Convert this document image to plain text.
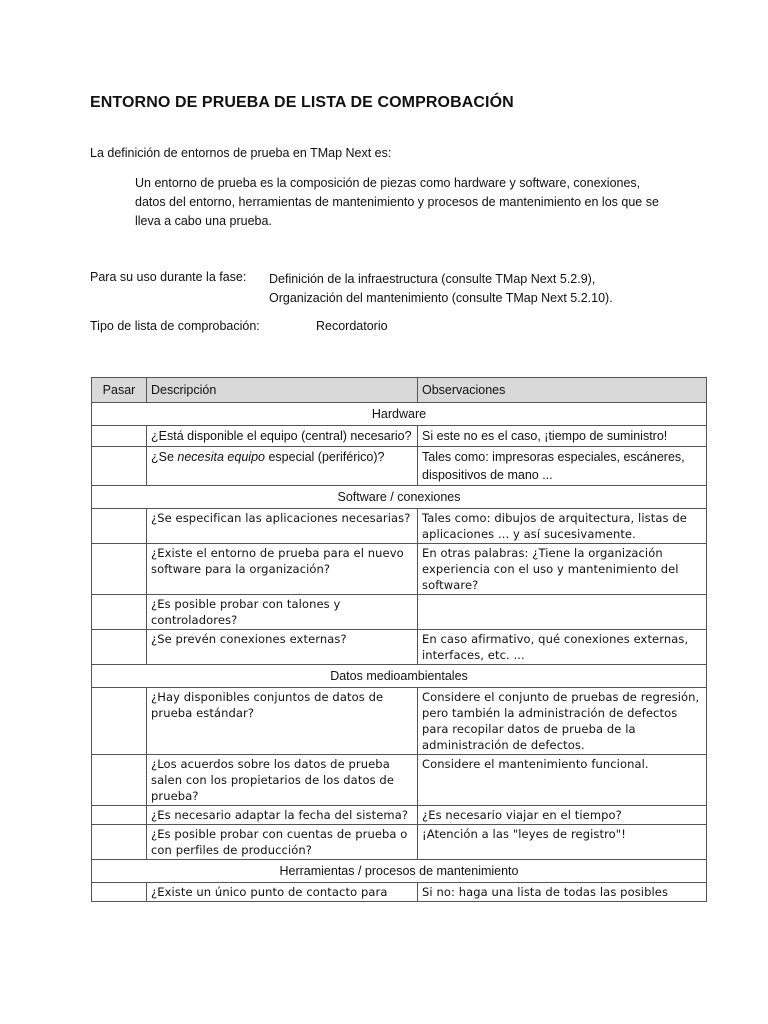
ENTORNO DE PRUEBA DE LISTA DE COMPROBACIÓN
La definición de entornos de prueba en TMap Next es:
Un entorno de prueba es la composición de piezas como hardware y software, conexiones,
datos del entorno, herramientas de mantenimiento y procesos de mantenimiento en los que se
lleva a cabo una prueba.
Para su uso durante la fase: Definición de la infraestructura (consulte TMap Next 5.2.9),
Organización del mantenimiento (consulte TMap Next 5.2.10).
Tipo de lista de comprobación:	Recordatorio
Pasar	Descripción	Observaciones
Hardware		
	¿Está disponible el equipo (central) necesario?	Si este no es el caso, ¡tiempo de suministro!
	¿Se necesita equipo especial (periférico)?	Tales como: impresoras especiales, escáneres, dispositivos de mano ...
Software / conexiones		
	¿Se especifican las aplicaciones necesarias?	Tales como: dibujos de arquitectura, listas de aplicaciones ... y así sucesivamente.
	¿Existe el entorno de prueba para el nuevo software para la organización?	En otras palabras: ¿Tiene la organización experiencia con el uso y mantenimiento del software?
	¿Es posible probar con talones y controladores?	
	¿Se prevén conexiones externas?	En caso afirmativo, qué conexiones externas, interfaces, etc. ...
Datos medioambientales		
	¿Hay disponibles conjuntos de datos de prueba estándar?	Considere el conjunto de pruebas de regresión, pero también la administración de defectos para recopilar datos de prueba de la administración de defectos.
	¿Los acuerdos sobre los datos de prueba salen con los propietarios de los datos de prueba?	Considere el mantenimiento funcional.
	¿Es necesario adaptar la fecha del sistema?	¿Es necesario viajar en el tiempo?
	¿Es posible probar con cuentas de prueba o con perfiles de producción?	¡Atención a las "leyes de registro"!
Herramientas / procesos de mantenimiento		
	¿Existe un único punto de contacto para	Si no: haga una lista de todas las posibles
